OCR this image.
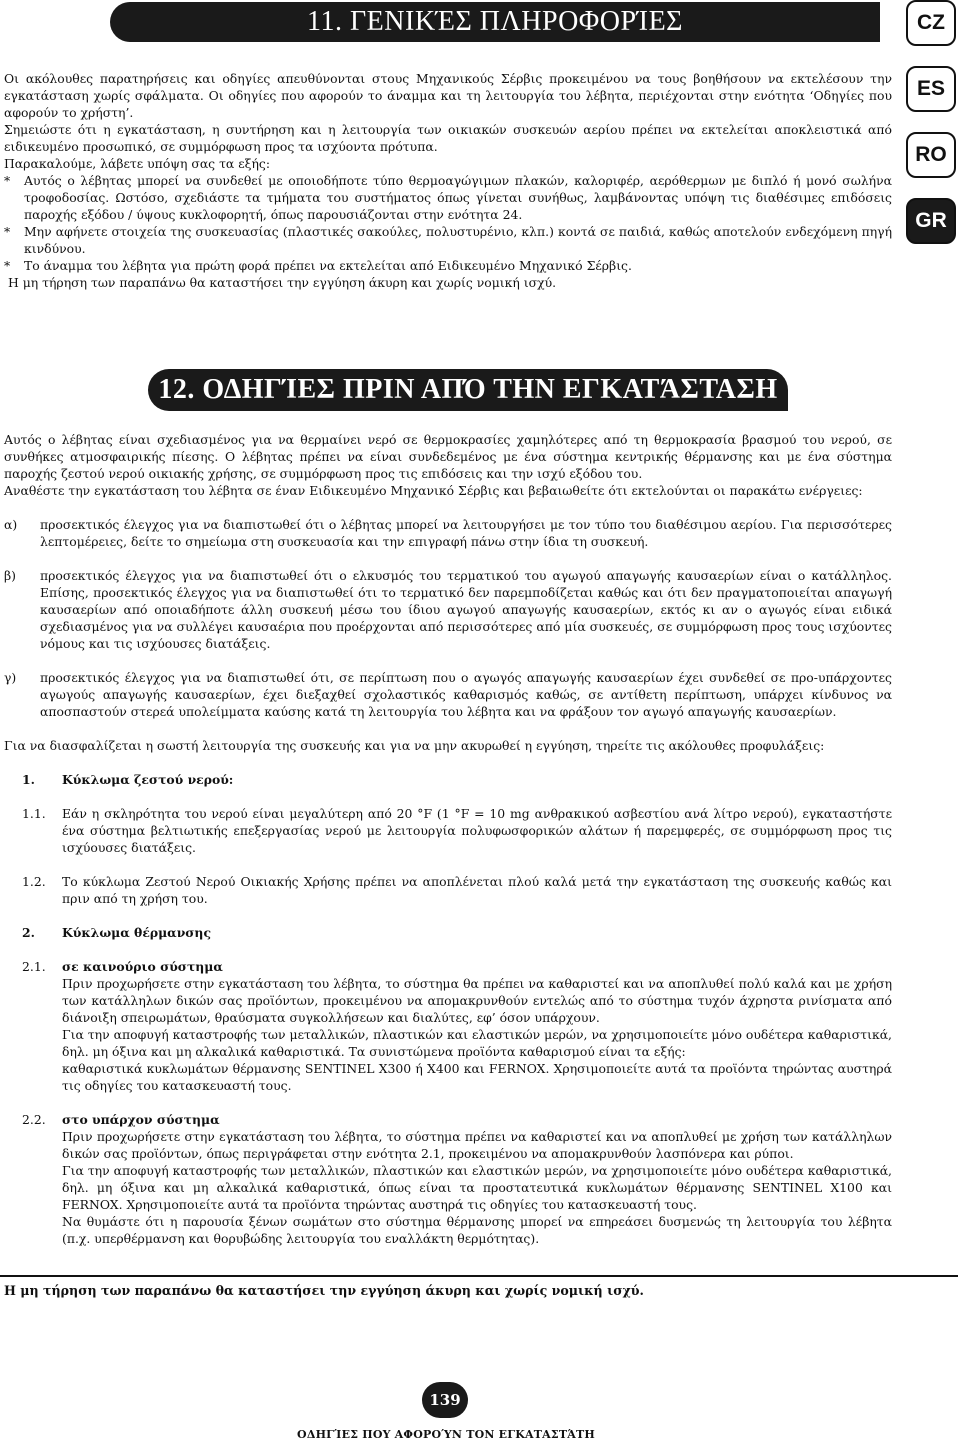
11. ΓΕΝΙΚΈΣ ΠΛΗΡΟΦΟΡΊΕΣ	CZ
ES
RO
GR

Οι ακόλουθες παρατηρήσεις και οδηγίες απευθύνονται στους Μηχανικούς Σέρβις προκειμένου να τους βοηθήσουν να εκτελέσουν την εγκατάσταση χωρίς σφάλματα. Οι οδηγίες που αφορούν το άναμμα και τη λειτουργία του λέβητα, περιέχονται στην ενότητα ‘Οδηγίες που αφορούν το χρήστη’.

Σημειώστε ότι η εγκατάσταση, η συντήρηση και η λειτουργία των οικιακών συσκευών αερίου πρέπει να εκτελείται αποκλειστικά από ειδικευμένο προσωπικό, σε συμμόρφωση προς τα ισχύοντα πρότυπα.

Παρακαλούμε, λάβετε υπόψη σας τα εξής:

*	Αυτός ο λέβητας μπορεί να συνδεθεί με οποιοδήποτε τύπο θερμοαγώγιμων πλακών, καλοριφέρ, αερόθερμων με διπλό ή μονό σωλήνα τροφοδοσίας. Ωστόσο, σχεδιάστε τα τμήματα του συστήματος όπως γίνεται συνήθως, λαμβάνοντας υπόψη τις διαθέσιμες επιδόσεις παροχής εξόδου / ύψους κυκλοφορητή, όπως παρουσιάζονται στην ενότητα 24.
*	Μην αφήνετε στοιχεία της συσκευασίας (πλαστικές σακούλες, πολυστυρένιο, κλπ.) κοντά σε παιδιά, καθώς αποτελούν ενδεχόμενη πηγή κινδύνου.
*	Το άναμμα του λέβητα για πρώτη φορά πρέπει να εκτελείται από Ειδικευμένο Μηχανικό Σέρβις.

Η μη τήρηση των παραπάνω θα καταστήσει την εγγύηση άκυρη και χωρίς νομική ισχύ.

12. ΟΔΗΓΊΕΣ ΠΡΙΝ ΑΠΌ ΤΗΝ ΕΓΚΑΤΆΣΤΑΣΗ

Αυτός ο λέβητας είναι σχεδιασμένος για να θερμαίνει νερό σε θερμοκρασίες χαμηλότερες από τη θερμοκρασία βρασμού του νερού, σε συνθήκες ατμοσφαιρικής πίεσης. Ο λέβητας πρέπει να είναι συνδεδεμένος με ένα σύστημα κεντρικής θέρμανσης και με ένα σύστημα παροχής ζεστού νερού οικιακής χρήσης, σε συμμόρφωση προς τις επιδόσεις και την ισχύ εξόδου του.

Αναθέστε την εγκατάσταση του λέβητα σε έναν Ειδικευμένο Μηχανικό Σέρβις και βεβαιωθείτε ότι εκτελούνται οι παρακάτω ενέργειες:

α)	προσεκτικός έλεγχος για να διαπιστωθεί ότι ο λέβητας μπορεί να λειτουργήσει με τον τύπο του διαθέσιμου αερίου. Για περισσότερες λεπτομέρειες, δείτε το σημείωμα στη συσκευασία και την επιγραφή πάνω στην ίδια τη συσκευή.
β)	προσεκτικός έλεγχος για να διαπιστωθεί ότι ο ελκυσμός του τερματικού του αγωγού απαγωγής καυσαερίων είναι ο κατάλληλος. Επίσης, προσεκτικός έλεγχος για να διαπιστωθεί ότι το τερματικό δεν παρεμποδίζεται καθώς και ότι δεν πραγματοποιείται απαγωγή καυσαερίων από οποιαδήποτε άλλη συσκευή μέσω του ίδιου αγωγού απαγωγής καυσαερίων, εκτός κι αν ο αγωγός είναι ειδικά σχεδιασμένος για να συλλέγει καυσαέρια που προέρχονται από περισσότερες από μία συσκευές, σε συμμόρφωση προς τους ισχύοντες νόμους και τις ισχύουσες διατάξεις.
γ)	προσεκτικός έλεγχος για να διαπιστωθεί ότι, σε περίπτωση που ο αγωγός απαγωγής καυσαερίων έχει συνδεθεί σε προ-υπάρχοντες αγωγούς απαγωγής καυσαερίων, έχει διεξαχθεί σχολαστικός καθαρισμός καθώς, σε αντίθετη περίπτωση, υπάρχει κίνδυνος να αποσπαστούν στερεά υπολείμματα καύσης κατά τη λειτουργία του λέβητα και να φράξουν τον αγωγό απαγωγής καυσαερίων.

Για να διασφαλίζεται η σωστή λειτουργία της συσκευής και για να μην ακυρωθεί η εγγύηση, τηρείτε τις ακόλουθες προφυλάξεις:

1.	Κύκλωμα ζεστού νερού:
1.1.	Εάν η σκληρότητα του νερού είναι μεγαλύτερη από 20 °F (1 °F = 10 mg ανθρακικού ασβεστίου ανά λίτρο νερού), εγκαταστήστε ένα σύστημα βελτιωτικής επεξεργασίας νερού με λειτουργία πολυφωσφορικών αλάτων ή παρεμφερές, σε συμμόρφωση προς τις ισχύουσες διατάξεις.
1.2.	Το κύκλωμα Ζεστού Νερού Οικιακής Χρήσης πρέπει να αποπλένεται πλού καλά μετά την εγκατάσταση της συσκευής καθώς και πριν από τη χρήση του.
2.	Κύκλωμα θέρμανσης
2.1.	σε καινούριο σύστημα
Πριν προχωρήσετε στην εγκατάσταση του λέβητα, το σύστημα θα πρέπει να καθαριστεί και να αποπλυθεί πολύ καλά και με χρήση των κατάλληλων δικών σας προϊόντων, προκειμένου να απομακρυνθούν εντελώς από το σύστημα τυχόν άχρηστα ρινίσματα από διάνοιξη σπειρωμάτων, θραύσματα συγκολλήσεων και διαλύτες, εφ’ όσον υπάρχουν.
Για την αποφυγή καταστροφής των μεταλλικών, πλαστικών και ελαστικών μερών, να χρησιμοποιείτε μόνο ουδέτερα καθαριστικά, δηλ. μη όξινα και μη αλκαλικά καθαριστικά. Τα συνιστώμενα προϊόντα καθαρισμού είναι τα εξής:
καθαριστικά κυκλωμάτων θέρμανσης SENTINEL X300 ή X400 και FERNOX. Χρησιμοποιείτε αυτά τα προϊόντα τηρώντας αυστηρά τις οδηγίες του κατασκευαστή τους.
2.2.	στο υπάρχον σύστημα
Πριν προχωρήσετε στην εγκατάσταση του λέβητα, το σύστημα πρέπει να καθαριστεί και να αποπλυθεί με χρήση των κατάλληλων δικών σας προϊόντων, όπως περιγράφεται στην ενότητα 2.1, προκειμένου να απομακρυνθούν λασπόνερα και ρύποι.
Για την αποφυγή καταστροφής των μεταλλικών, πλαστικών και ελαστικών μερών, να χρησιμοποιείτε μόνο ουδέτερα καθαριστικά, δηλ. μη όξινα και μη αλκαλικά καθαριστικά, όπως είναι τα προστατευτικά κυκλωμάτων θέρμανσης SENTINEL X100 και FERNOX. Χρησιμοποιείτε αυτά τα προϊόντα τηρώντας αυστηρά τις οδηγίες του κατασκευαστή τους.
Να θυμάστε ότι η παρουσία ξένων σωμάτων στο σύστημα θέρμανσης μπορεί να επηρεάσει δυσμενώς τη λειτουργία του λέβητα (π.χ. υπερθέρμανση και θορυβώδης λειτουργία του εναλλάκτη θερμότητας).
Η μη τήρηση των παραπάνω θα καταστήσει την εγγύηση άκυρη και χωρίς νομική ισχύ.
139
ΟΔΗΓΊΕΣ ΠΟΥ ΑΦΟΡΟΎΝ ΤΟΝ ΕΓΚΑΤΑΣΤΆΤΗ
